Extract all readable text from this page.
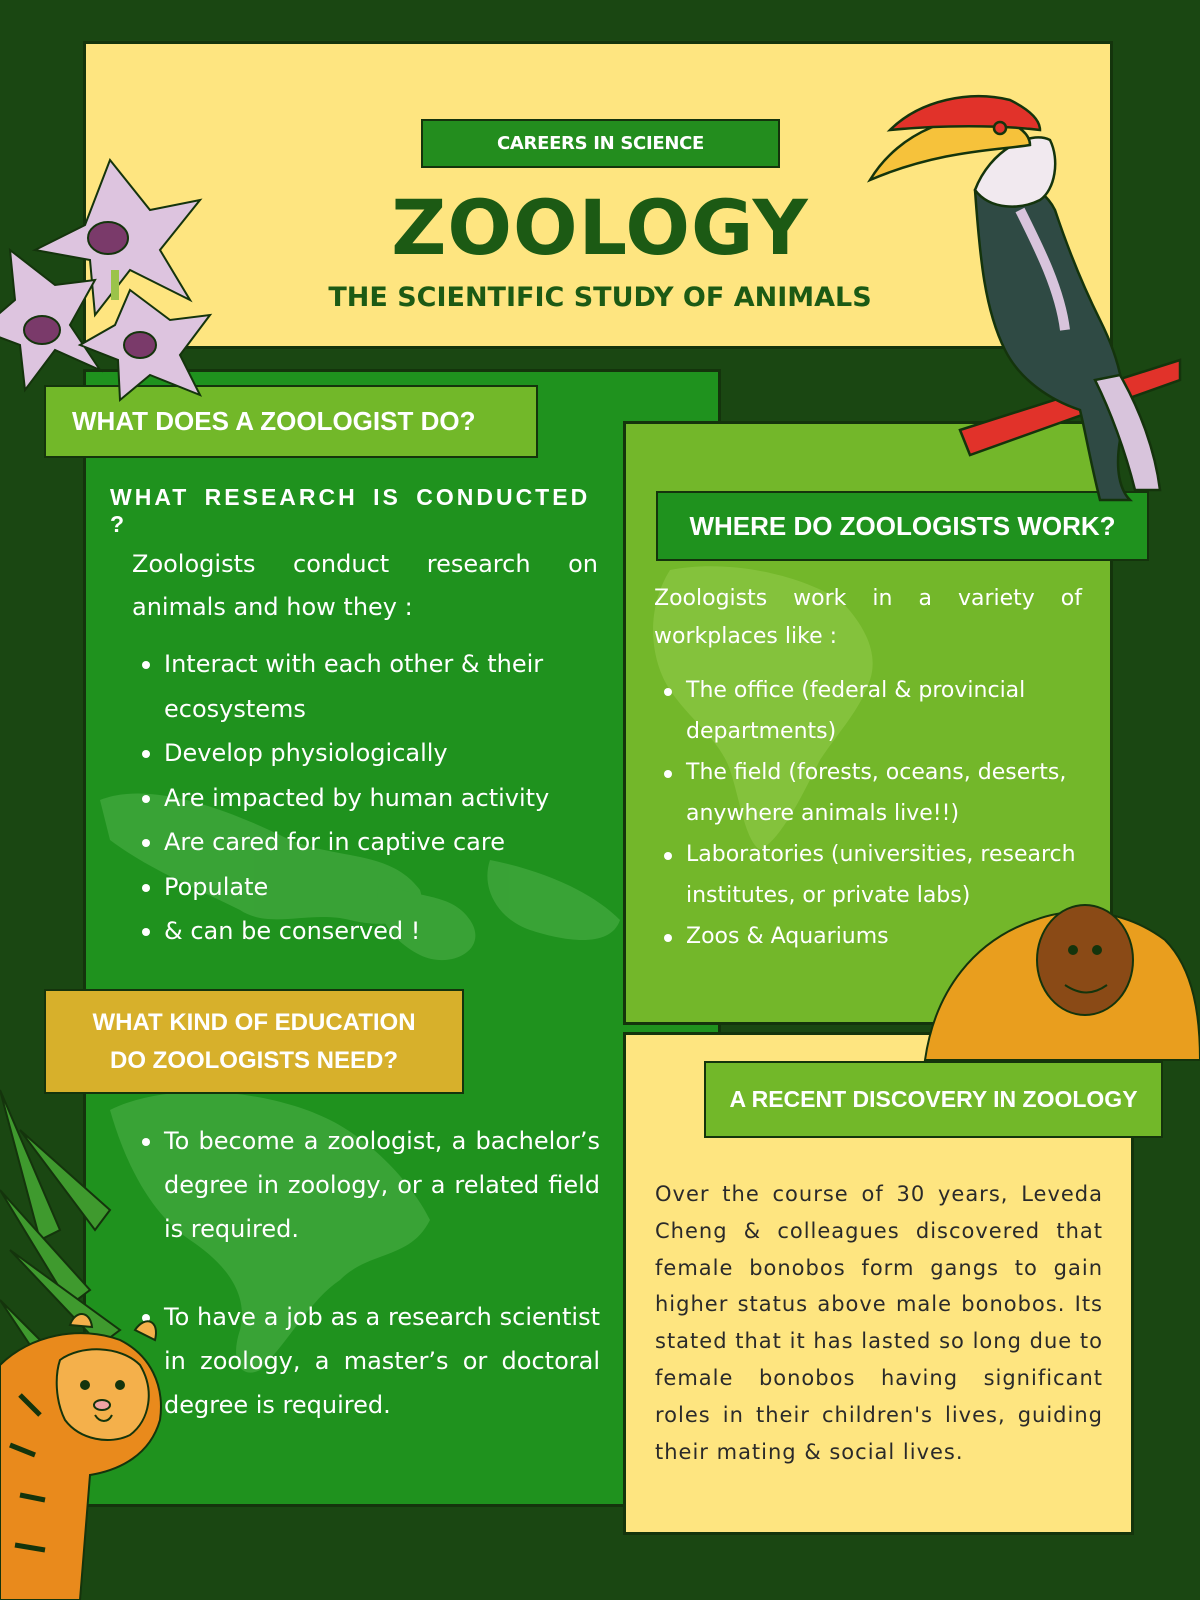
CAREERS IN SCIENCE
ZOOLOGY
THE SCIENTIFIC STUDY OF ANIMALS
WHAT DOES A ZOOLOGIST DO?
WHAT RESEARCH IS CONDUCTED ?
Zoologists conduct research on animals and how they :
Interact with each other & their ecosystems
Develop physiologically
Are impacted by human activity
Are cared for in captive care
Populate
& can be conserved !
WHAT KIND OF EDUCATION
DO ZOOLOGISTS NEED?
To become a zoologist, a bachelor’s degree in zoology, or a related field is required.
To have a job as a research scientist in zoology, a master’s or doctoral degree is required.
WHERE DO ZOOLOGISTS WORK?
Zoologists work in a variety of workplaces like :
The office (federal & provincial departments)
The field (forests, oceans, deserts, anywhere animals live!!)
Laboratories (universities, research institutes, or private labs)
Zoos & Aquariums
A RECENT DISCOVERY IN ZOOLOGY
Over the course of 30 years, Leveda Cheng & colleagues discovered that female bonobos form gangs to gain higher status above male bonobos. Its stated that it has lasted so long due to female bonobos having significant roles in their children's lives, guiding their mating & social lives.
